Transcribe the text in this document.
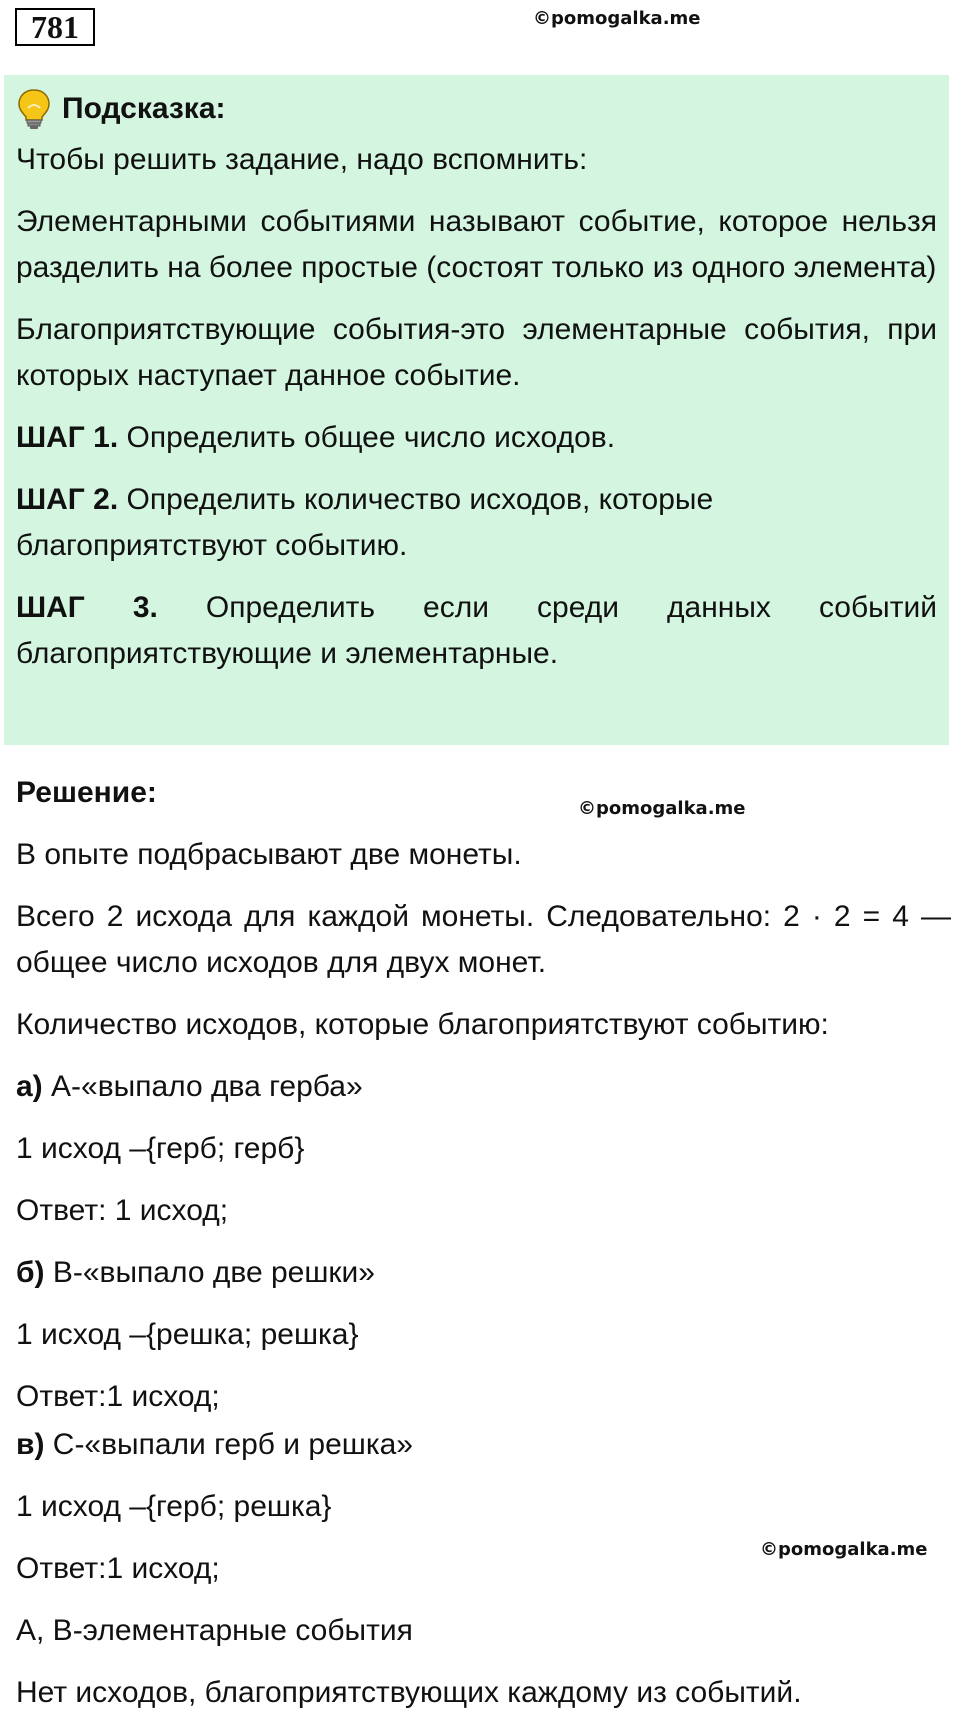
781	©pomogalka.me
©pomogalka.me
©pomogalka.me
Подсказка:

Чтобы решить задание, надо вспомнить:

Элементарными событиями называют событие, которое нельзя разделить на более простые (состоят только из одного элемента)

Благоприятствующие события-это элементарные события, при которых наступает данное событие.

ШАГ 1. Определить общее число исходов.

ШАГ 2. Определить количество исходов, которые благоприятствуют событию.

ШАГ 3. Определить если среди данных событий благоприятствующие и элементарные.

Решение:

В опыте подбрасывают две монеты.

Всего 2 исхода для каждой монеты. Следовательно: 2 · 2 = 4 — общее число исходов для двух монет.

Количество исходов, которые благоприятствуют событию:

а) А-«выпало два герба»

1 исход –{герб; герб}

Ответ: 1 исход;

б) В-«выпало две решки»

1 исход –{решка; решка}

Ответ:1 исход;

в) С-«выпали герб и решка»

1 исход –{герб; решка}

Ответ:1 исход;

А, В-элементарные события

Нет исходов, благоприятствующих каждому из событий.
